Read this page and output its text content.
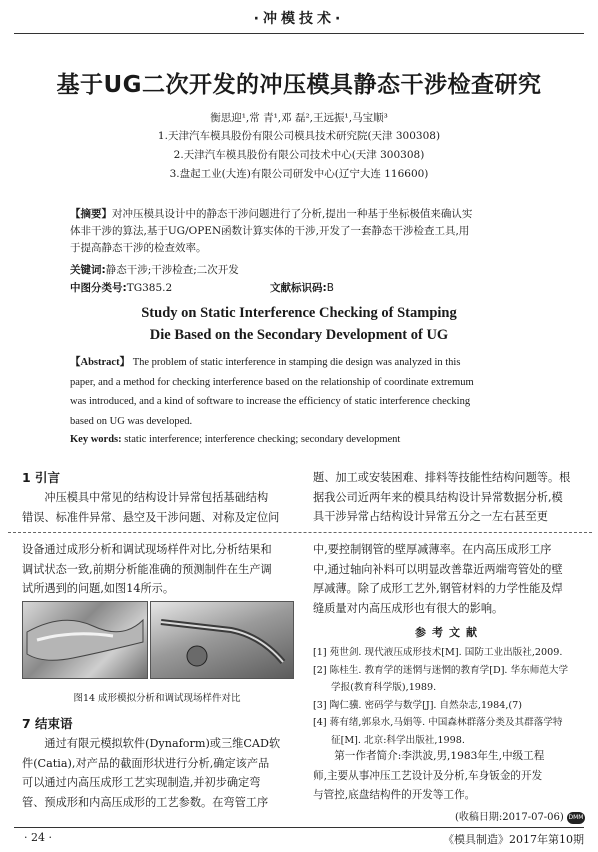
·冲模技术·
基于UG二次开发的冲压模具静态干涉检查研究
衡思迎¹,常 青¹,邓 磊²,王远振¹,马宝顺³
1.天津汽车模具股份有限公司模具技术研究院(天津 300308)
2.天津汽车模具股份有限公司技术中心(天津 300308)
3.盘起工业(大连)有限公司研发中心(辽宁大连 116600)
【摘要】对冲压模具设计中的静态干涉问题进行了分析,提出一种基于坐标极值来确认实
体非干涉的算法,基于UG/OPEN函数计算实体的干涉,开发了一套静态干涉检查工具,用
于提高静态干涉的检查效率。
关键词:静态干涉;干涉检查;二次开发
中图分类号:TG385.2	文献标识码:B
Study on Static Interference Checking of Stamping
Die Based on the Secondary Development of UG
【Abstract】 The problem of static interference in stamping die design was analyzed in this
paper, and a method for checking interference based on the relationship of coordinate extremum
was introduced, and a kind of software to increase the efficiency of static interference checking
based on UG was developed.
Key words: static interference; interference checking; secondary development
1 引言
冲压模具中常见的结构设计异常包括基础结构
错误、标准件异常、悬空及干涉问题、对称及定位问
题、加工或安装困难、排料等技能性结构问题等。根
据我公司近两年来的模具结构设计异常数据分析,模
具干涉异常占结构设计异常五分之一左右甚至更
设备通过成形分析和调试现场样件对比,分析结果和
调试状态一致,前期分析能准确的预测制件在生产调
试所遇到的问题,如图14所示。
图14 成形模拟分析和调试现场样件对比
7 结束语
通过有限元模拟软件(Dynaform)或三维CAD软
件(Catia),对产品的截面形状进行分析,确定该产品
可以通过内高压成形工艺实现制造,并初步确定弯
管、预成形和内高压成形的工艺参数。在弯管工序
中,要控制钢管的壁厚减薄率。在内高压成形工序
中,通过轴向补料可以明显改善靠近两端弯管处的壁
厚减薄。除了成形工艺外,钢管材料的力学性能及焊
缝质量对内高压成形也有很大的影响。
参考文献
[1] 苑世剑. 现代液压成形技术[M]. 国防工业出版社,2009.
[2] 陈桂生. 教育学的迷惘与迷惘的教育学[D]. 华东师范大学
学报(教育科学版),1989.
[3] 陶仁骥. 密码学与数学[J]. 自然杂志,1984,(7)
[4] 蒋有绪,郭泉水,马娟等. 中国森林群落分类及其群落学特
征[M]. 北京:科学出版社,1998.
第一作者简介:李洪波,男,1983年生,中级工程
师,主要从事冲压工艺设计及分析,车身钣金的开发
与管控,底盘结构件的开发等工作。
(收稿日期:2017-07-06) DMM
· 24 ·	《模具制造》2017年第10期
